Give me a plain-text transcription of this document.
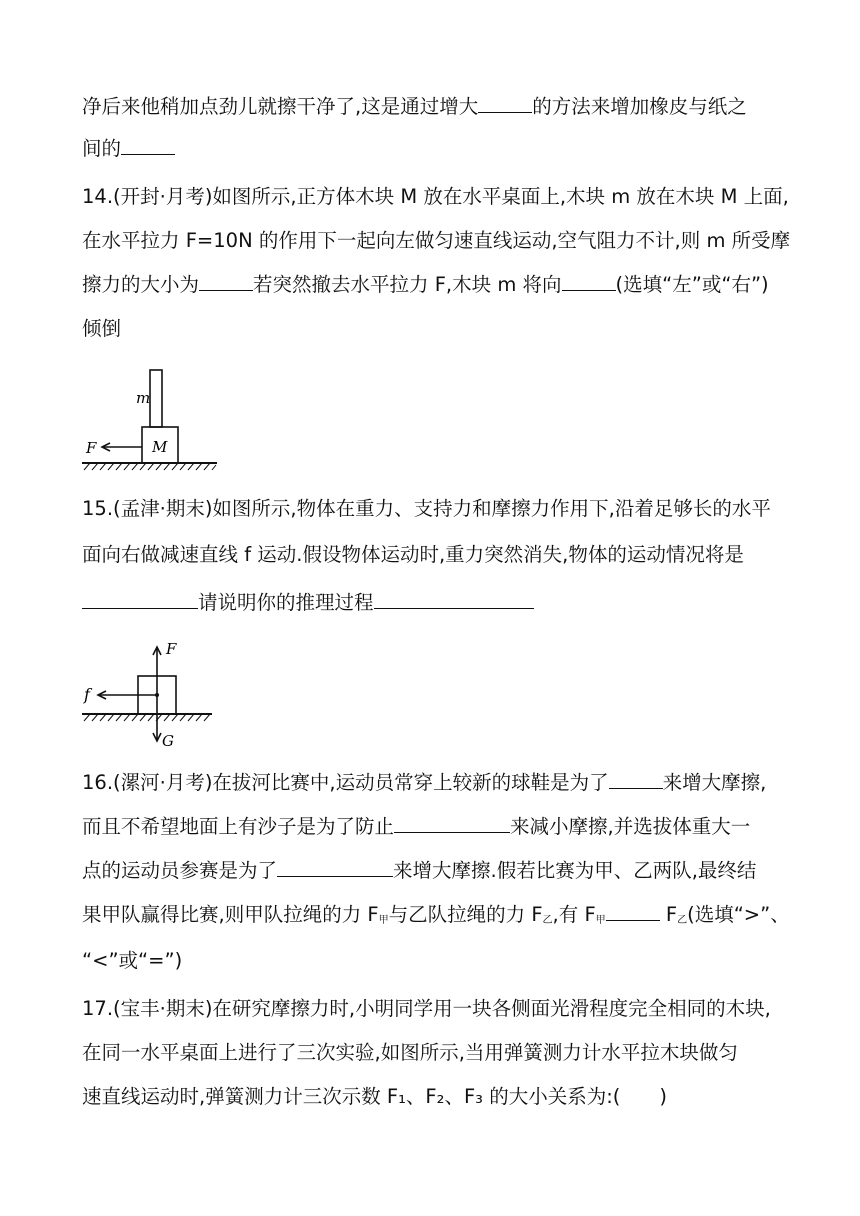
净后来他稍加点劲儿就擦干净了,这是通过增大	的方法来增加橡皮与纸之
间的
14.(开封·月考)如图所示,正方体木块 M 放在水平桌面上,木块 m 放在木块 M 上面,
在水平拉力 F=10N 的作用下一起向左做匀速直线运动,空气阻力不计,则 m 所受摩
擦力的大小为	若突然撤去水平拉力 F,木块 m 将向	(选填“左”或“右”)
倾倒
m
M
F
15.(孟津·期末)如图所示,物体在重力、支持力和摩擦力作用下,沿着足够长的水平
面向右做减速直线 f 运动.假设物体运动时,重力突然消失,物体的运动情况将是
请说明你的推理过程
F
f
G
16.(漯河·月考)在拔河比赛中,运动员常穿上较新的球鞋是为了	来增大摩擦,
而且不希望地面上有沙子是为了防止	来减小摩擦,并选拔体重大一
点的运动员参赛是为了	来增大摩擦.假若比赛为甲、乙两队,最终结
果甲队赢得比赛,则甲队拉绳的力 $F_甲$与乙队拉绳的力 $F_乙$,有 $F_甲$	$F_乙$(选填“>”、
“<”或“=”)
17.(宝丰·期末)在研究摩擦力时,小明同学用一块各侧面光滑程度完全相同的木块,
在同一水平桌面上进行了三次实验,如图所示,当用弹簧测力计水平拉木块做匀
速直线运动时,弹簧测力计三次示数 F₁、F₂、F₃ 的大小关系为:(　　)
